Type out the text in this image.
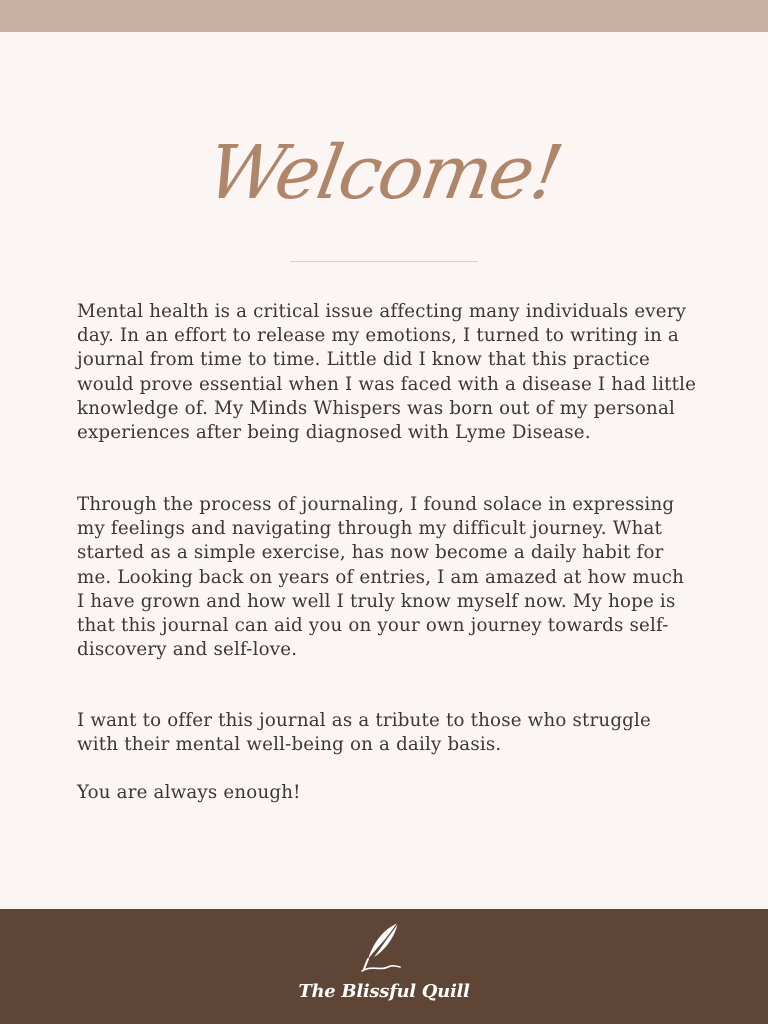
Welcome!

Mental health is a critical issue affecting many individuals every day. In an effort to release my emotions, I turned to writing in a journal from time to time. Little did I know that this practice would prove essential when I was faced with a disease I had little knowledge of. My Minds Whispers was born out of my personal experiences after being diagnosed with Lyme Disease.

Through the process of journaling, I found solace in expressing my feelings and navigating through my difficult journey. What started as a simple exercise, has now become a daily habit for me. Looking back on years of entries, I am amazed at how much I have grown and how well I truly know myself now. My hope is that this journal can aid you on your own journey towards self-discovery and self-love.

I want to offer this journal as a tribute to those who struggle with their mental well-being on a daily basis.

You are always enough!

The Blissful Quill
